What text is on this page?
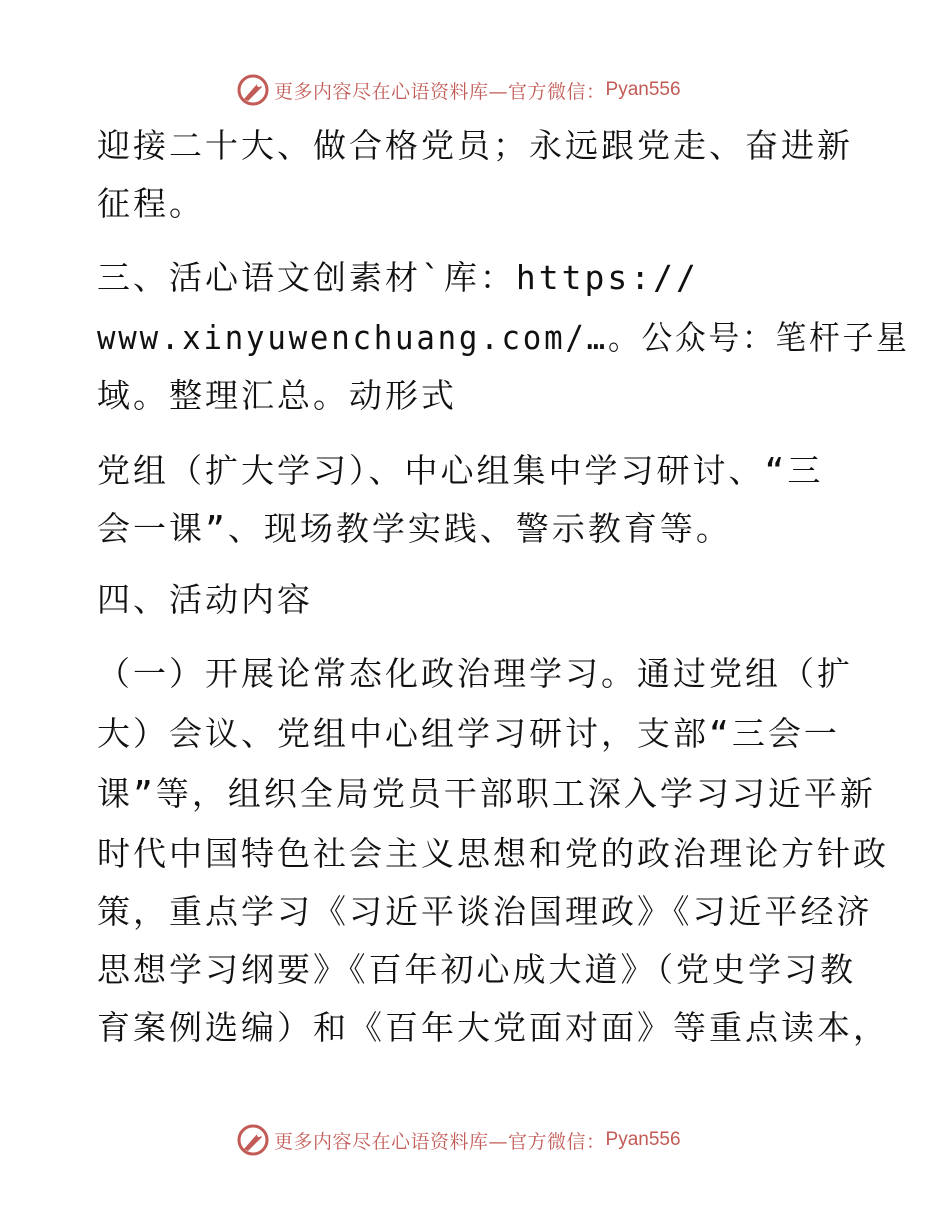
更多内容尽在心语资料库—官方微信： Pyan556
迎接二十大、做合格党员；永远跟党走、奋进新
征程。
三、活心语文创素材`库：https://
www.xinyuwenchuang.com/…。公众号：笔杆子星
域。整理汇总。动形式
党组（扩大学习）、中心组集中学习研讨、“三
会一课”、现场教学实践、警示教育等。
四、活动内容
（一）开展论常态化政治理学习。通过党组（扩
大）会议、党组中心组学习研讨，支部“三会一
课”等，组织全局党员干部职工深入学习习近平新
时代中国特色社会主义思想和党的政治理论方针政
策，重点学习《习近平谈治国理政》《习近平经济
思想学习纲要》《百年初心成大道》（党史学习教
育案例选编）和《百年大党面对面》等重点读本，
更多内容尽在心语资料库—官方微信： Pyan556
